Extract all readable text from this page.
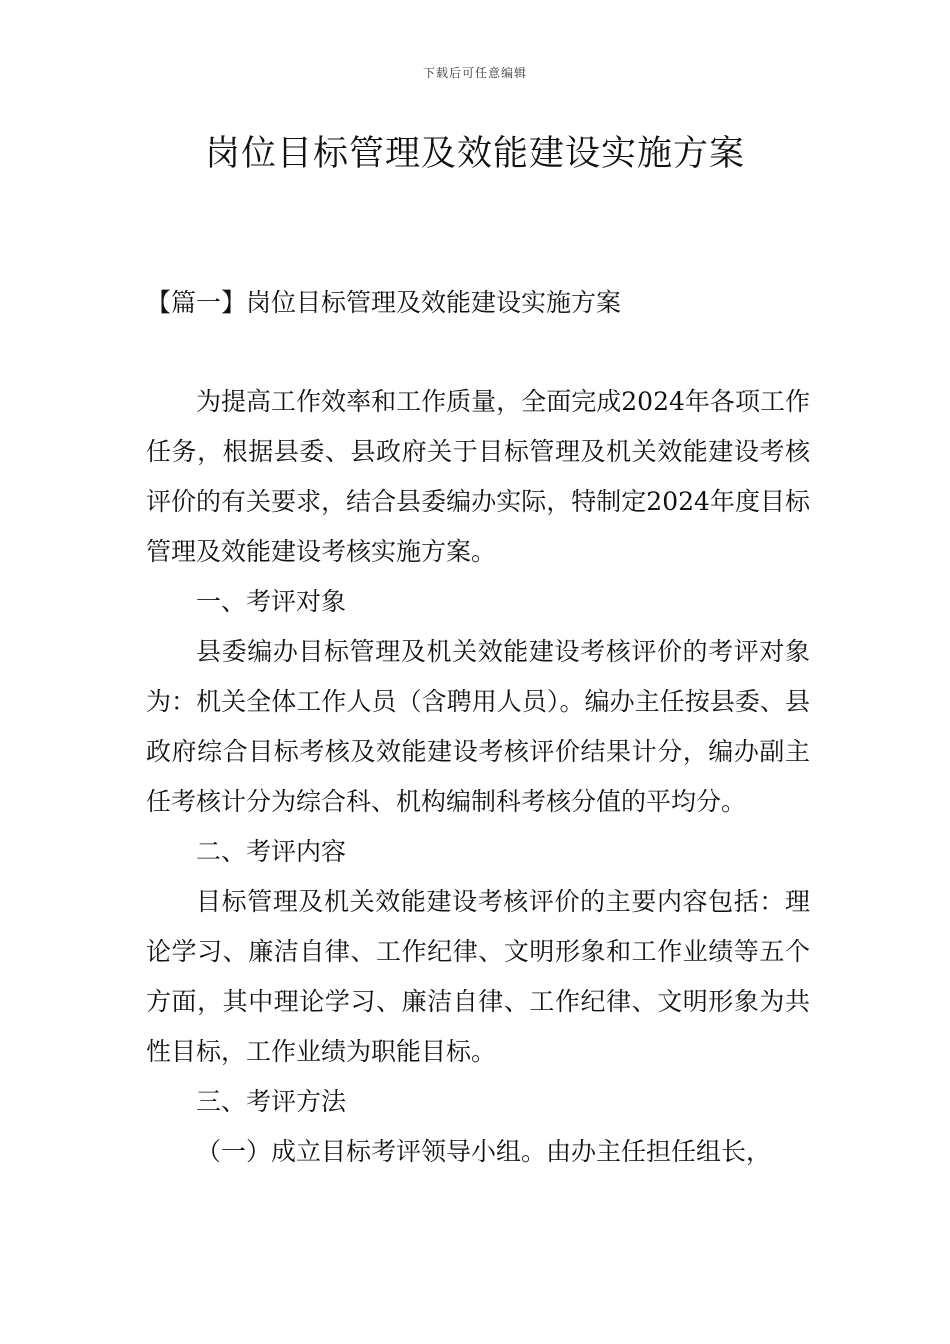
下载后可任意编辑
岗位目标管理及效能建设实施方案
【篇一】岗位目标管理及效能建设实施方案

为提高工作效率和工作质量，全面完成2024年各项工作任务，根据县委、县政府关于目标管理及机关效能建设考核评价的有关要求，结合县委编办实际，特制定2024年度目标管理及效能建设考核实施方案。

一、考评对象

县委编办目标管理及机关效能建设考核评价的考评对象为：机关全体工作人员（含聘用人员）。编办主任按县委、县政府综合目标考核及效能建设考核评价结果计分，编办副主任考核计分为综合科、机构编制科考核分值的平均分。

二、考评内容

目标管理及机关效能建设考核评价的主要内容包括：理论学习、廉洁自律、工作纪律、文明形象和工作业绩等五个方面，其中理论学习、廉洁自律、工作纪律、文明形象为共性目标，工作业绩为职能目标。

三、考评方法

（一）成立目标考评领导小组。由办主任担任组长，
